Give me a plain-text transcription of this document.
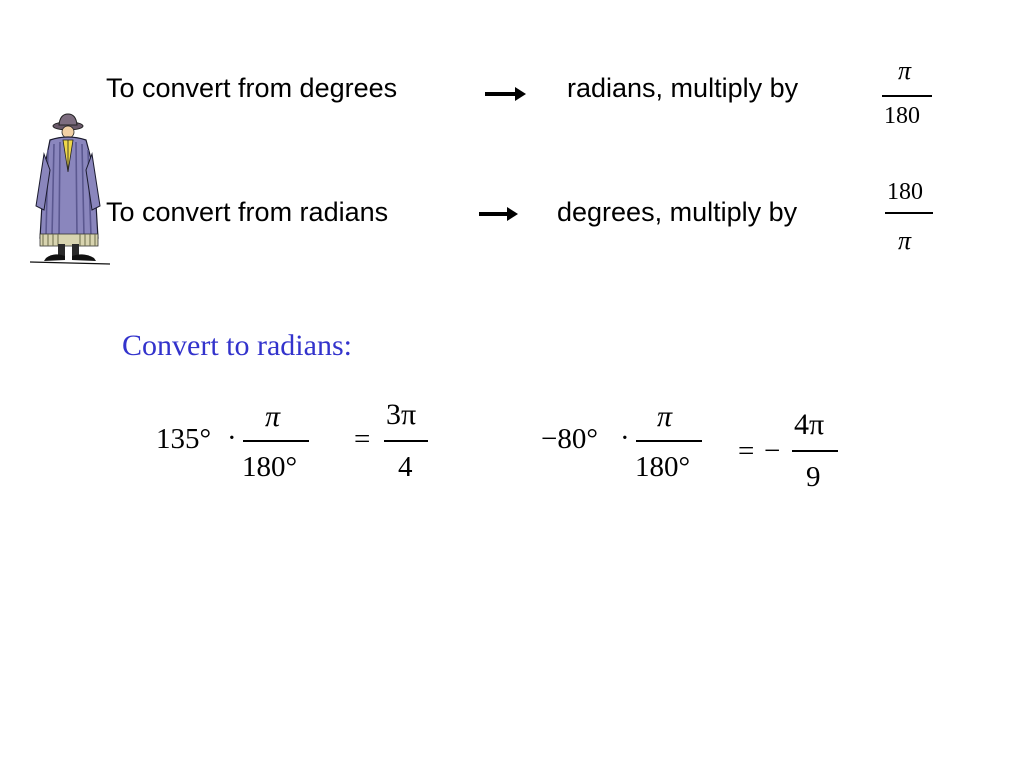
To convert from degrees	radians, multiply by
π
180
To convert from radians	degrees, multiply by
180
π
Convert to radians:
135° ·
π
180°
=
3π
4
−80° ·
π
180° = −
4π
9
